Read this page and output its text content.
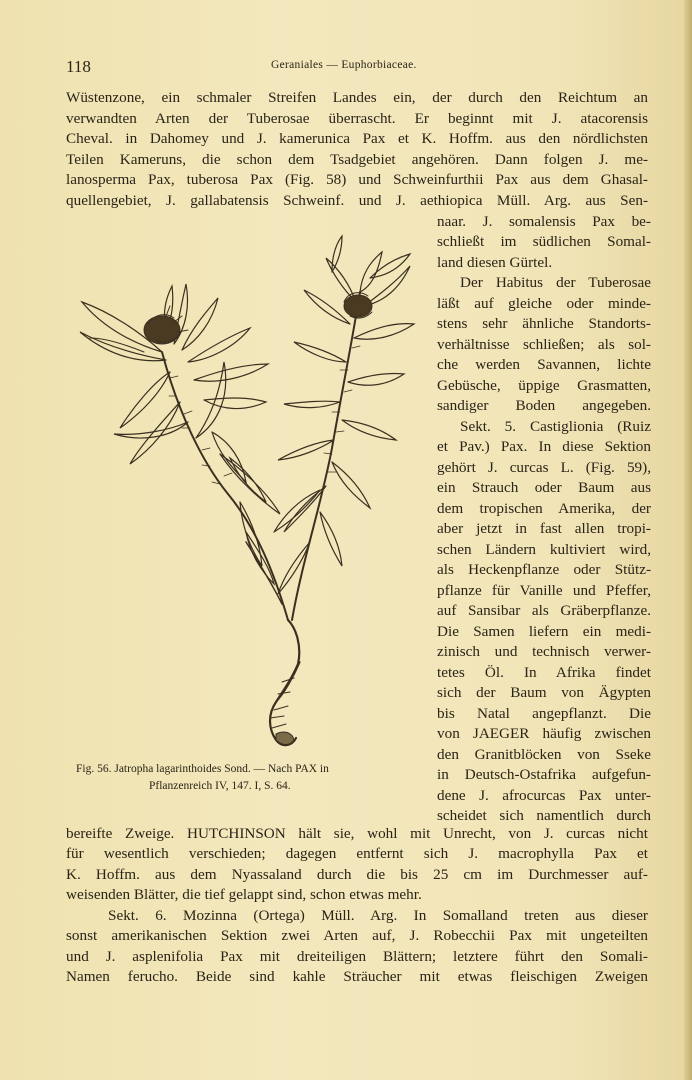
118	Geraniales — Euphorbiaceae.
Wüstenzone, ein schmaler Streifen Landes ein, der durch den Reichtum an
verwandten Arten der Tuberosae überrascht. Er beginnt mit J. atacorensis
Cheval. in Dahomey und J. kamerunica Pax et K. Hoffm. aus den nördlichsten
Teilen Kameruns, die schon dem Tsadgebiet angehören. Dann folgen J. me-
lanosperma Pax, tuberosa Pax (Fig. 58) und Schweinfurthii Pax aus dem Ghasal-
quellengebiet, J. gallabatensis Schweinf. und J. aethiopica Müll. Arg. aus Sen-
naar. J. somalensis Pax be-
schließt im südlichen Somal-
land diesen Gürtel.
Der Habitus der Tuberosae
läßt auf gleiche oder minde-
stens sehr ähnliche Standorts-
verhältnisse schließen; als sol-
che werden Savannen, lichte
Gebüsche, üppige Grasmatten,
sandiger Boden angegeben.
Sekt. 5. Castiglionia (Ruiz
et Pav.) Pax. In diese Sektion
gehört J. curcas L. (Fig. 59),
ein Strauch oder Baum aus
dem tropischen Amerika, der
aber jetzt in fast allen tropi-
schen Ländern kultiviert wird,
als Heckenpflanze oder Stütz-
pflanze für Vanille und Pfeffer,
auf Sansibar als Gräberpflanze.
Die Samen liefern ein medi-
zinisch und technisch verwer-
tetes Öl. In Afrika findet
sich der Baum von Ägypten
bis Natal angepflanzt. Die
von JAEGER häufig zwischen
den Granitblöcken von Sseke
in Deutsch-Ostafrika aufgefun-
dene J. afrocurcas Pax unter-
scheidet sich namentlich durch
Fig. 56. Jatropha lagarinthoides Sond. — Nach PAX in
Pflanzenreich IV, 147. I, S. 64.
bereifte Zweige. HUTCHINSON hält sie, wohl mit Unrecht, von J. curcas nicht
für wesentlich verschieden; dagegen entfernt sich J. macrophylla Pax et
K. Hoffm. aus dem Nyassaland durch die bis 25 cm im Durchmesser auf-
weisenden Blätter, die tief gelappt sind, schon etwas mehr.
Sekt. 6. Mozinna (Ortega) Müll. Arg. In Somalland treten aus dieser
sonst amerikanischen Sektion zwei Arten auf, J. Robecchii Pax mit ungeteilten
und J. asplenifolia Pax mit dreiteiligen Blättern; letztere führt den Somali-
Namen ferucho. Beide sind kahle Sträucher mit etwas fleischigen Zweigen
